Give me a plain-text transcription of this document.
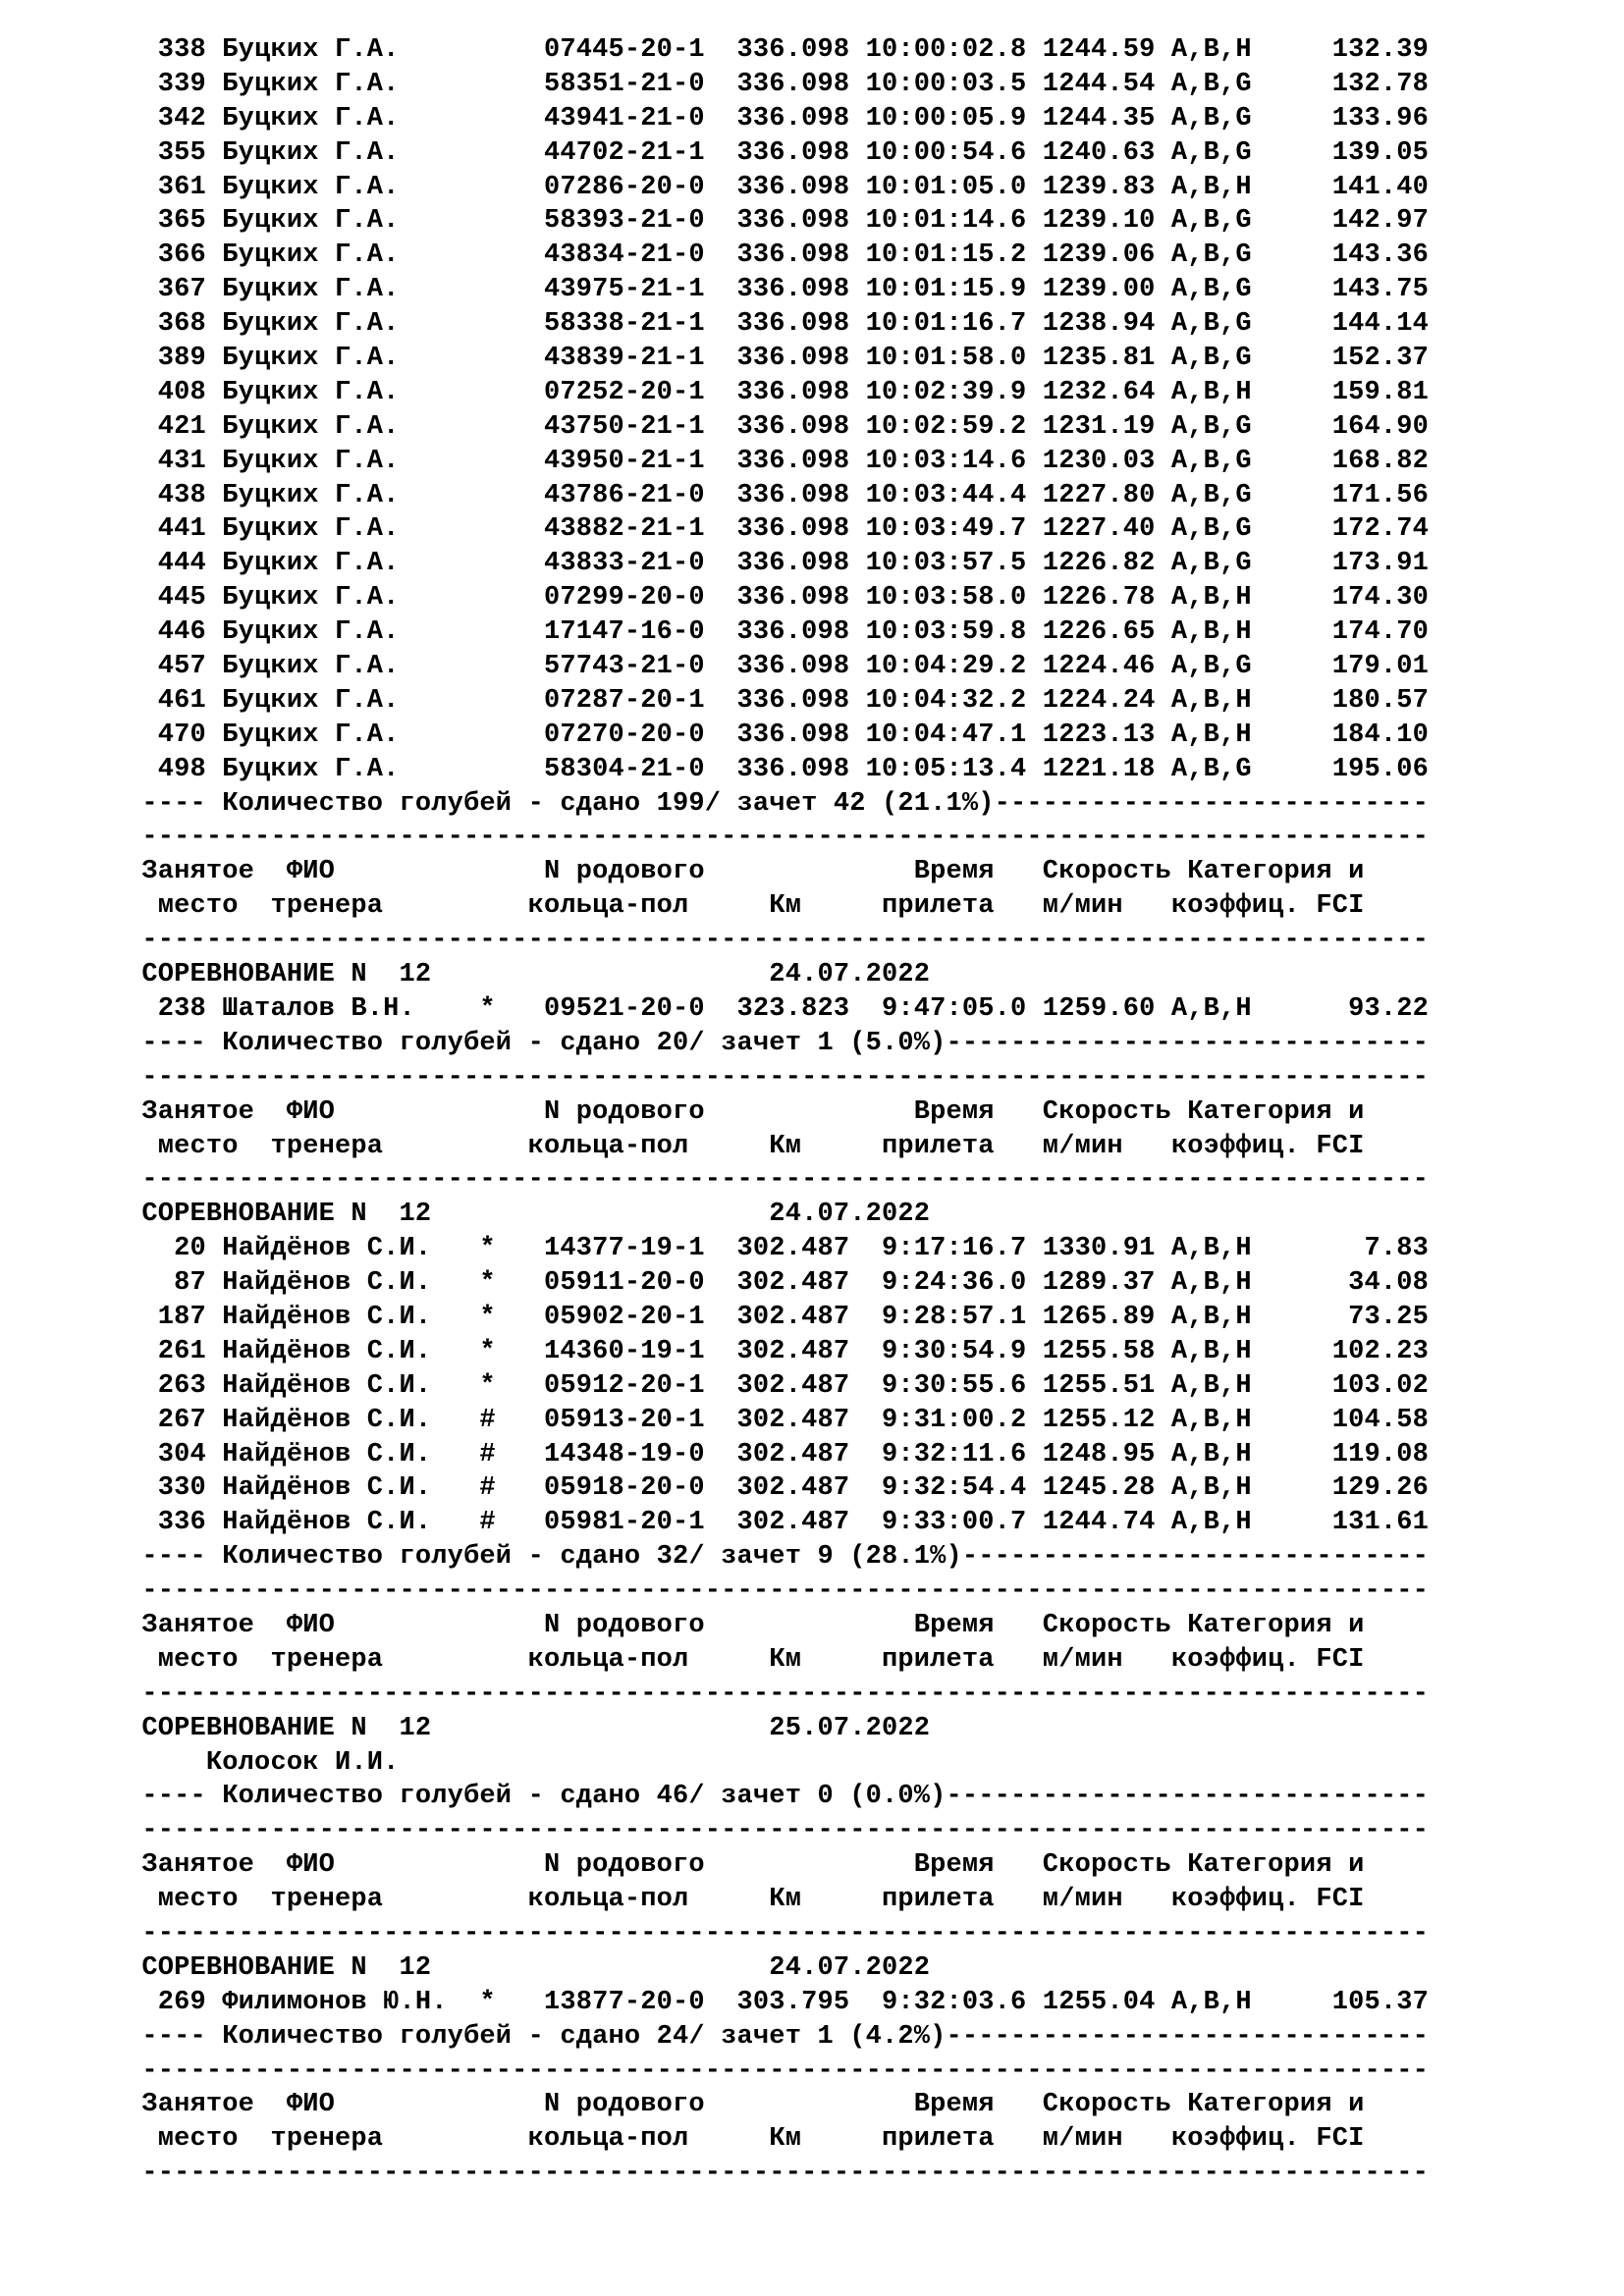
338 Буцких Г.А.         07445-20-1  336.098 10:00:02.8 1244.59 A,B,H     132.39
339 Буцких Г.А.         58351-21-0  336.098 10:00:03.5 1244.54 A,B,G     132.78
342 Буцких Г.А.         43941-21-0  336.098 10:00:05.9 1244.35 A,B,G     133.96
355 Буцких Г.А.         44702-21-1  336.098 10:00:54.6 1240.63 A,B,G     139.05
361 Буцких Г.А.         07286-20-0  336.098 10:01:05.0 1239.83 A,B,H     141.40
365 Буцких Г.А.         58393-21-0  336.098 10:01:14.6 1239.10 A,B,G     142.97
366 Буцких Г.А.         43834-21-0  336.098 10:01:15.2 1239.06 A,B,G     143.36
367 Буцких Г.А.         43975-21-1  336.098 10:01:15.9 1239.00 A,B,G     143.75
368 Буцких Г.А.         58338-21-1  336.098 10:01:16.7 1238.94 A,B,G     144.14
389 Буцких Г.А.         43839-21-1  336.098 10:01:58.0 1235.81 A,B,G     152.37
408 Буцких Г.А.         07252-20-1  336.098 10:02:39.9 1232.64 A,B,H     159.81
421 Буцких Г.А.         43750-21-1  336.098 10:02:59.2 1231.19 A,B,G     164.90
431 Буцких Г.А.         43950-21-1  336.098 10:03:14.6 1230.03 A,B,G     168.82
438 Буцких Г.А.         43786-21-0  336.098 10:03:44.4 1227.80 A,B,G     171.56
441 Буцких Г.А.         43882-21-1  336.098 10:03:49.7 1227.40 A,B,G     172.74
444 Буцких Г.А.         43833-21-0  336.098 10:03:57.5 1226.82 A,B,G     173.91
445 Буцких Г.А.         07299-20-0  336.098 10:03:58.0 1226.78 A,B,H     174.30
446 Буцких Г.А.         17147-16-0  336.098 10:03:59.8 1226.65 A,B,H     174.70
457 Буцких Г.А.         57743-21-0  336.098 10:04:29.2 1224.46 A,B,G     179.01
461 Буцких Г.А.         07287-20-1  336.098 10:04:32.2 1224.24 A,B,H     180.57
470 Буцких Г.А.         07270-20-0  336.098 10:04:47.1 1223.13 A,B,H     184.10
498 Буцких Г.А.         58304-21-0  336.098 10:05:13.4 1221.18 A,B,G     195.06
---- Количество голубей - сдано 199/ зачет 42 (21.1%)---------------------------
--------------------------------------------------------------------------------
Занятое  ФИО             N родового             Время   Скорость Категория и
место  тренера         кольца-пол     Км     прилета   м/мин   коэффиц. FCI
--------------------------------------------------------------------------------
СОРЕВНОВАНИЕ N  12                     24.07.2022
238 Шаталов В.Н.    *   09521-20-0  323.823  9:47:05.0 1259.60 A,B,H      93.22
---- Количество голубей - сдано 20/ зачет 1 (5.0%)------------------------------
--------------------------------------------------------------------------------
Занятое  ФИО             N родового             Время   Скорость Категория и
место  тренера         кольца-пол     Км     прилета   м/мин   коэффиц. FCI
--------------------------------------------------------------------------------
СОРЕВНОВАНИЕ N  12                     24.07.2022
20 Найдёнов С.И.   *   14377-19-1  302.487  9:17:16.7 1330.91 A,B,H       7.83
87 Найдёнов С.И.   *   05911-20-0  302.487  9:24:36.0 1289.37 A,B,H      34.08
187 Найдёнов С.И.   *   05902-20-1  302.487  9:28:57.1 1265.89 A,B,H      73.25
261 Найдёнов С.И.   *   14360-19-1  302.487  9:30:54.9 1255.58 A,B,H     102.23
263 Найдёнов С.И.   *   05912-20-1  302.487  9:30:55.6 1255.51 A,B,H     103.02
267 Найдёнов С.И.   #   05913-20-1  302.487  9:31:00.2 1255.12 A,B,H     104.58
304 Найдёнов С.И.   #   14348-19-0  302.487  9:32:11.6 1248.95 A,B,H     119.08
330 Найдёнов С.И.   #   05918-20-0  302.487  9:32:54.4 1245.28 A,B,H     129.26
336 Найдёнов С.И.   #   05981-20-1  302.487  9:33:00.7 1244.74 A,B,H     131.61
---- Количество голубей - сдано 32/ зачет 9 (28.1%)-----------------------------
--------------------------------------------------------------------------------
Занятое  ФИО             N родового             Время   Скорость Категория и
место  тренера         кольца-пол     Км     прилета   м/мин   коэффиц. FCI
--------------------------------------------------------------------------------
СОРЕВНОВАНИЕ N  12                     25.07.2022
Колосок И.И.
---- Количество голубей - сдано 46/ зачет 0 (0.0%)------------------------------
--------------------------------------------------------------------------------
Занятое  ФИО             N родового             Время   Скорость Категория и
место  тренера         кольца-пол     Км     прилета   м/мин   коэффиц. FCI
--------------------------------------------------------------------------------
СОРЕВНОВАНИЕ N  12                     24.07.2022
269 Филимонов Ю.Н.  *   13877-20-0  303.795  9:32:03.6 1255.04 A,B,H     105.37
---- Количество голубей - сдано 24/ зачет 1 (4.2%)------------------------------
--------------------------------------------------------------------------------
Занятое  ФИО             N родового             Время   Скорость Категория и
место  тренера         кольца-пол     Км     прилета   м/мин   коэффиц. FCI
--------------------------------------------------------------------------------
